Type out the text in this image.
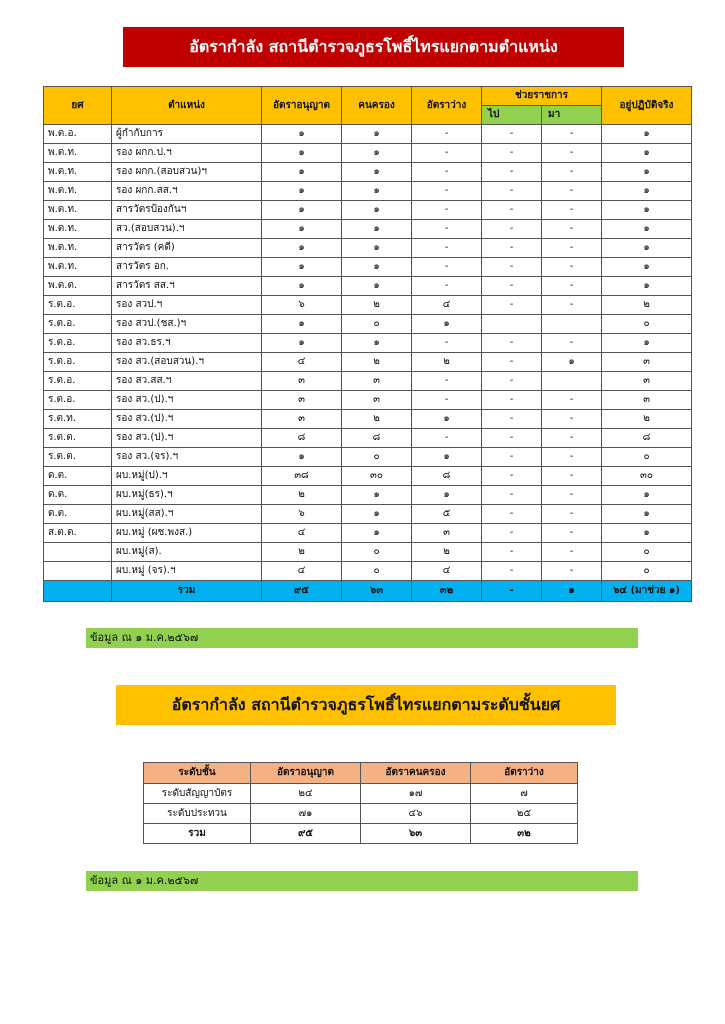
อัตรากำลัง สถานีตำรวจภูธรโพธิ์ไทรแยกตามตำแหน่ง
ยศ	ตำแหน่ง	อัตราอนุญาต	คนครอง	อัตราว่าง	ช่วยราชการ		อยู่ปฏิบัติจริง
					ไป	มา	
พ.ต.อ.	ผู้กำกับการ	๑	๑	-	-	-	๑
พ.ต.ท.	รอง ผกก.ป.ฯ	๑	๑	-	-	-	๑
พ.ต.ท.	รอง ผกก.(สอบสวน)ฯ	๑	๑	-	-	-	๑
พ.ต.ท.	รอง ผกก.สส.ฯ	๑	๑	-	-	-	๑
พ.ต.ท.	สารวัตรป้องกันฯ	๑	๑	-	-	-	๑
พ.ต.ท.	สว.(สอบสวน).ฯ	๑	๑	-	-	-	๑
พ.ต.ท.	สารวัตร (คดี)	๑	๑	-	-	-	๑
พ.ต.ท.	สารวัตร อก.	๑	๑	-	-	-	๑
พ.ต.ต.	สารวัตร สส.ฯ	๑	๑	-	-	-	๑
ร.ต.อ.	รอง สวป.ฯ	๖	๒	๔	-	-	๒
ร.ต.อ.	รอง สวป.(ชส.)ฯ	๑	๐	๑			๐
ร.ต.อ.	รอง สว.ธร.ฯ	๑	๑	-	-	-	๑
ร.ต.อ.	รอง สว.(สอบสวน).ฯ	๔	๒	๒	-	๑	๓
ร.ต.อ.	รอง สว.สส.ฯ	๓	๓	-	-		๓
ร.ต.อ.	รอง สว.(ป).ฯ	๓	๓	-	-	-	๓
ร.ต.ท.	รอง สว.(ป).ฯ	๓	๒	๑	-	-	๒
ร.ต.ต.	รอง สว.(ป).ฯ	๘	๘	-	-	-	๘
ร.ต.ต.	รอง สว.(จร).ฯ	๑	๐	๑	-	-	๐
ด.ต.	ผบ.หมู่(ป).ฯ	๓๘	๓๐	๘	-	-	๓๐
ด.ต.	ผบ.หมู่(ธร).ฯ	๒	๑	๑	-	-	๑
ด.ต.	ผบ.หมู่(สส).ฯ	๖	๑	๕	-	-	๑
ส.ต.ต.	ผบ.หมู่ (ผช.พงส.)	๔	๑	๓	-	-	๑
	ผบ.หมู่(ส).	๒	๐	๒	-	-	๐
	ผบ.หมู่ (จร).ฯ	๔	๐	๔	-	-	๐
	รวม	๙๕	๖๓	๓๒	-	๑	๖๔ (มาช่วย ๑)
ข้อมูล ณ ๑ ม.ค.๒๕๖๗
อัตรากำลัง สถานีตำรวจภูธรโพธิ์ไทรแยกตามระดับชั้นยศ
ระดับชั้น	อัตราอนุญาต	อัตราคนครอง	อัตราว่าง
ระดับสัญญาบัตร	๒๔	๑๗	๗
ระดับประทวน	๗๑	๔๖	๒๕
รวม	๙๕	๖๓	๓๒
ข้อมูล ณ ๑ ม.ค.๒๕๖๗
